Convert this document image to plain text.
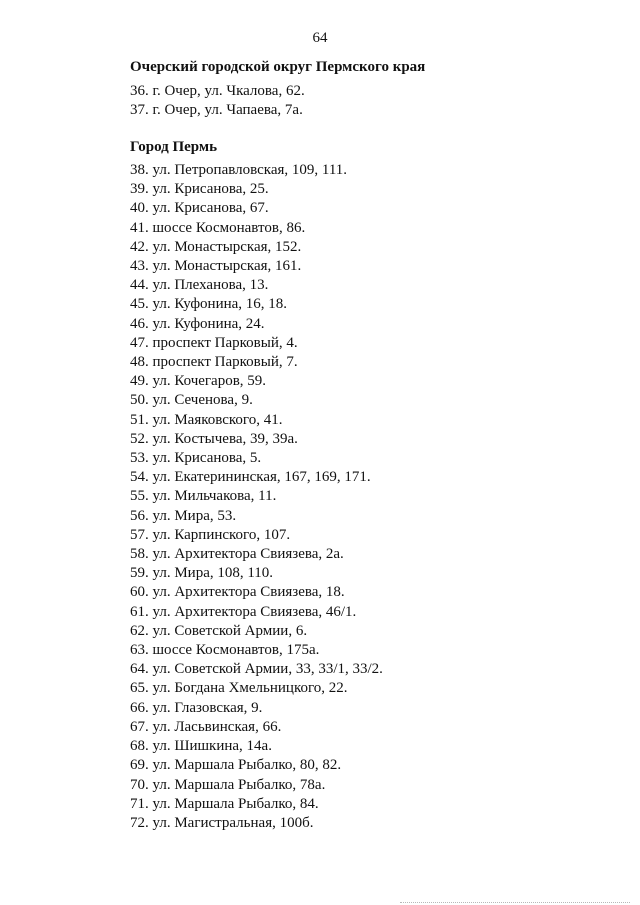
64
Очерский городской округ Пермского края
36. г. Очер, ул. Чкалова, 62.
37. г. Очер, ул. Чапаева, 7а.
Город Пермь
38. ул. Петропавловская, 109, 111.
39. ул. Крисанова, 25.
40. ул. Крисанова, 67.
41. шоссе Космонавтов, 86.
42. ул. Монастырская, 152.
43. ул. Монастырская, 161.
44. ул. Плеханова, 13.
45. ул. Куфонина, 16, 18.
46. ул. Куфонина, 24.
47. проспект Парковый, 4.
48. проспект Парковый, 7.
49. ул. Кочегаров, 59.
50. ул. Сеченова, 9.
51. ул. Маяковского, 41.
52. ул. Костычева, 39, 39а.
53. ул. Крисанова, 5.
54. ул. Екатерининская, 167, 169, 171.
55. ул. Мильчакова, 11.
56. ул. Мира, 53.
57. ул. Карпинского, 107.
58. ул. Архитектора Свиязева, 2а.
59. ул. Мира, 108, 110.
60. ул. Архитектора Свиязева, 18.
61. ул. Архитектора Свиязева, 46/1.
62. ул. Советской Армии, 6.
63. шоссе Космонавтов, 175а.
64. ул. Советской Армии, 33, 33/1, 33/2.
65. ул. Богдана Хмельницкого, 22.
66. ул. Глазовская, 9.
67. ул. Ласьвинская, 66.
68. ул. Шишкина, 14а.
69. ул. Маршала Рыбалко, 80, 82.
70. ул. Маршала Рыбалко, 78а.
71. ул. Маршала Рыбалко, 84.
72. ул. Магистральная, 100б.
